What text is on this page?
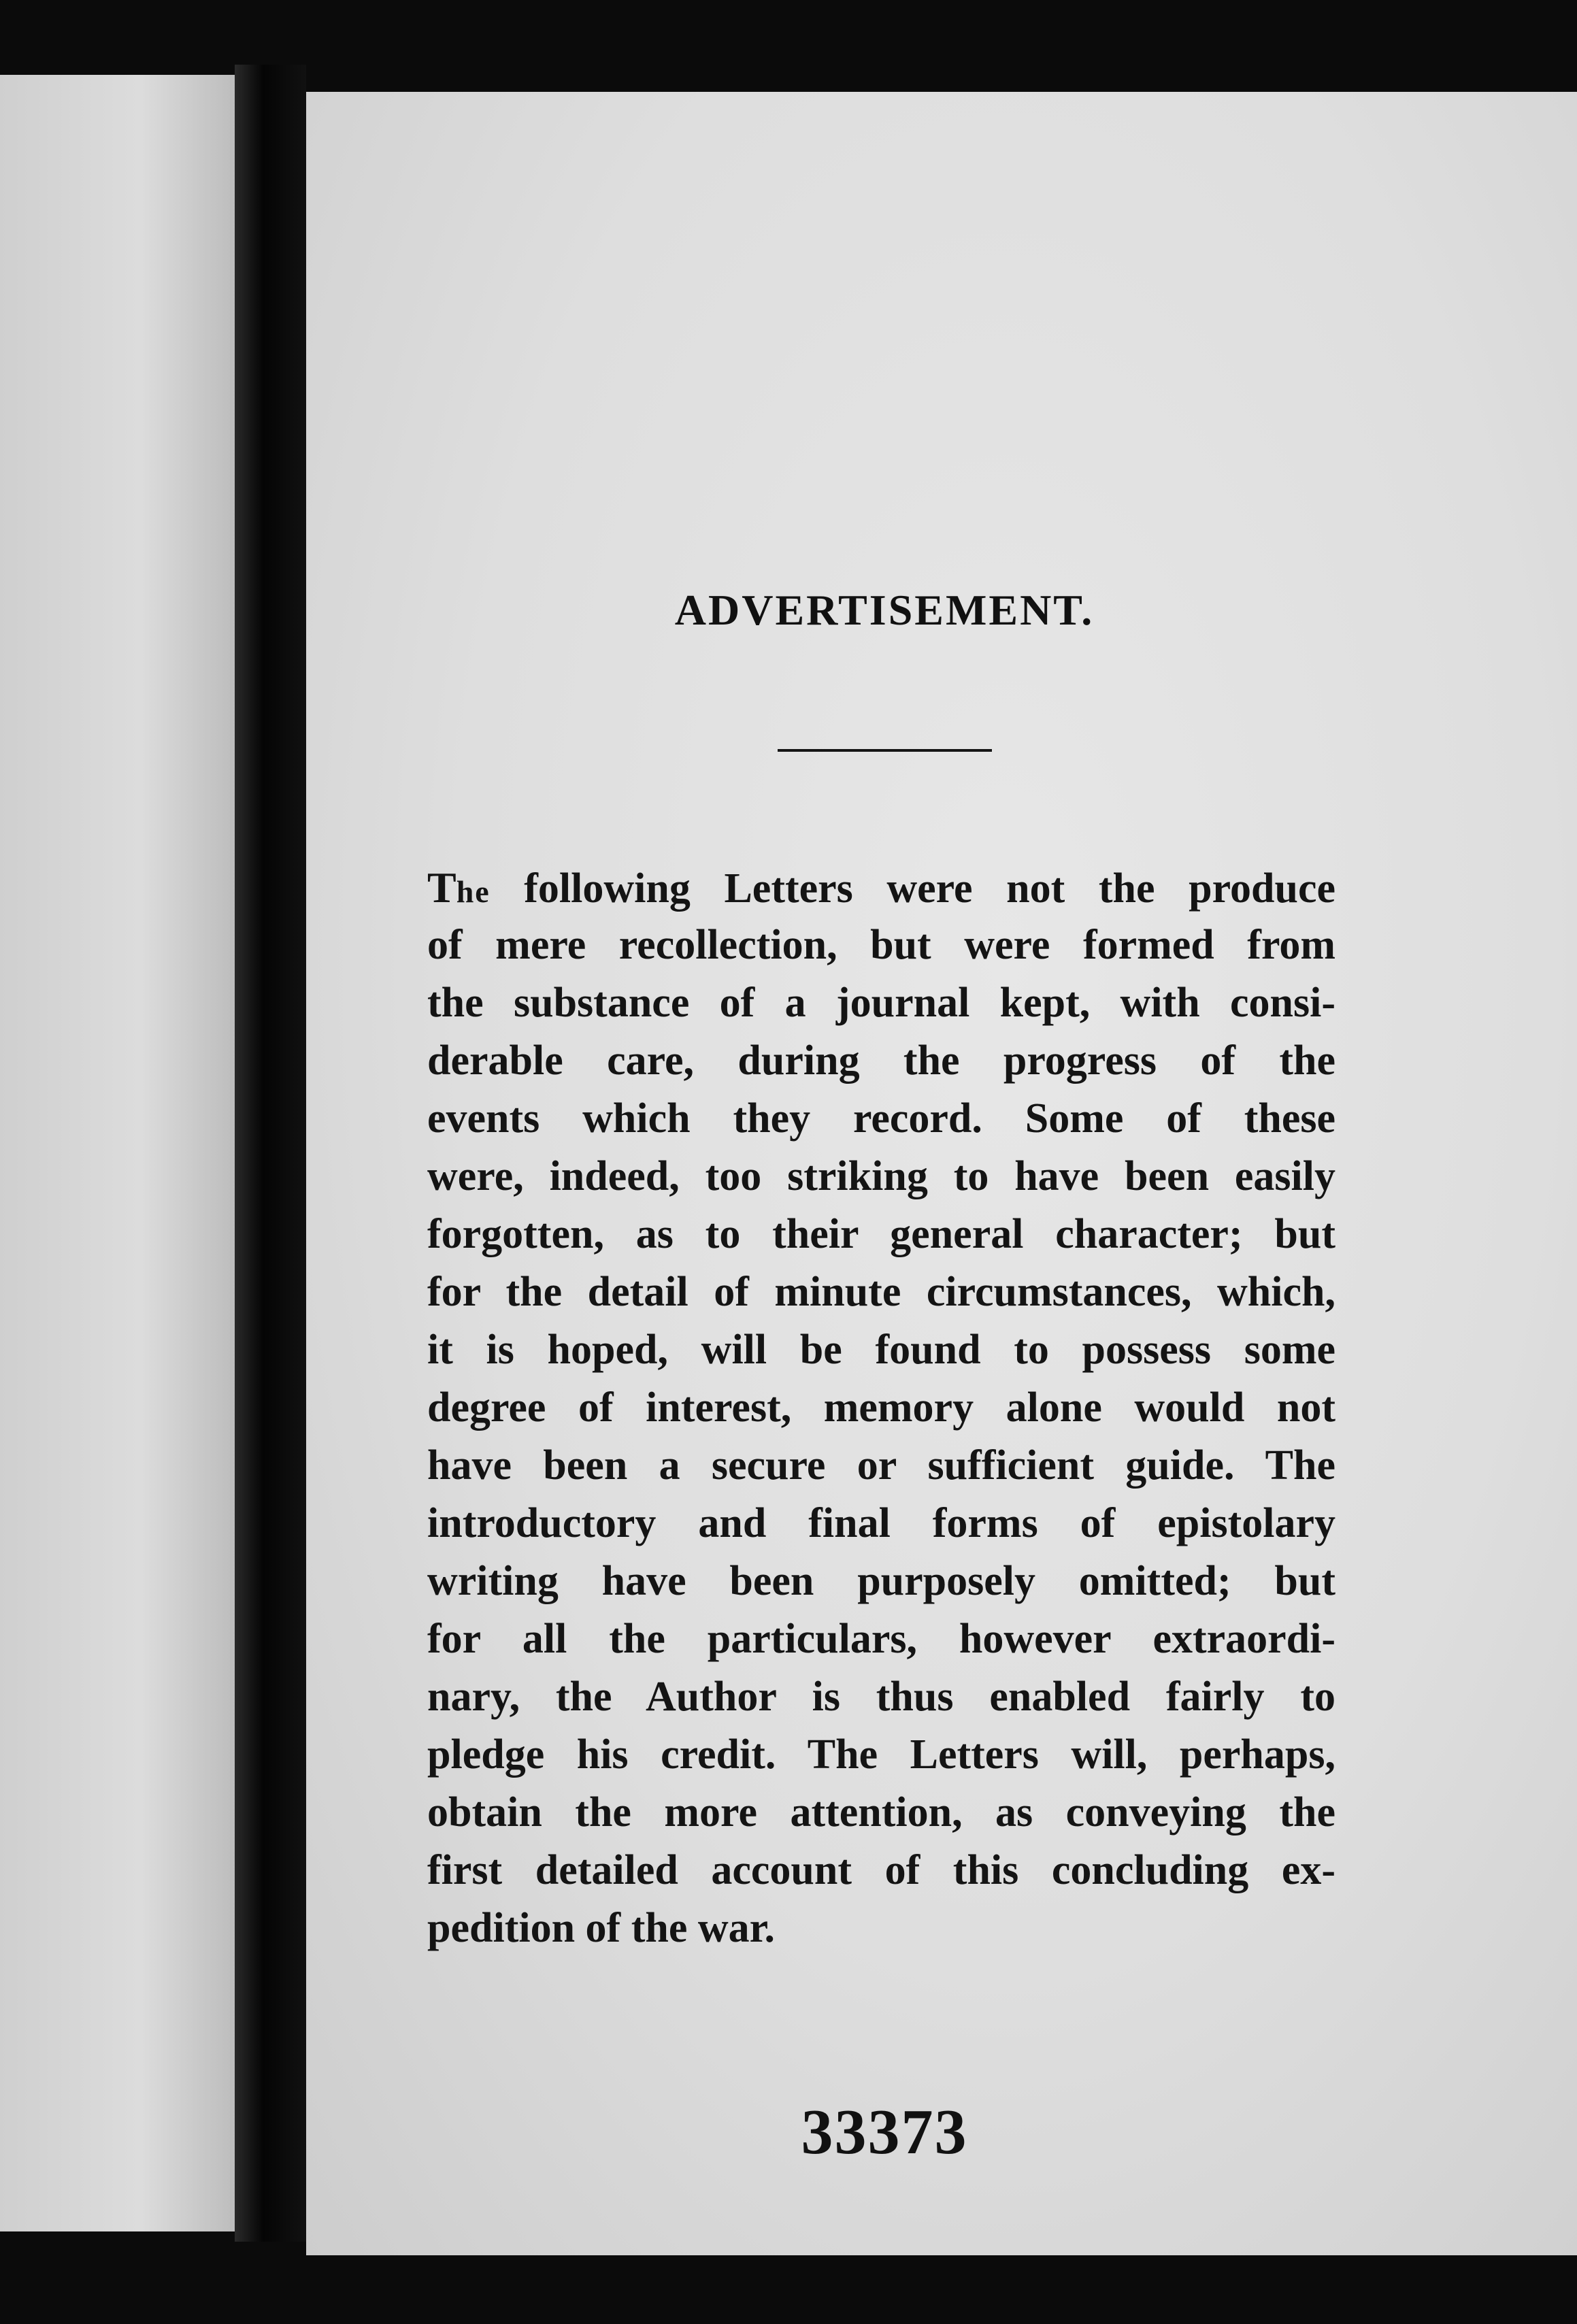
ADVERTISEMENT.
The following Letters were not the produce
of mere recollection, but were formed from
the substance of a journal kept, with consi-
derable care, during the progress of the
events which they record. Some of these
were, indeed, too striking to have been easily
forgotten, as to their general character; but
for the detail of minute circumstances, which,
it is hoped, will be found to possess some
degree of interest, memory alone would not
have been a secure or sufficient guide. The
introductory and final forms of epistolary
writing have been purposely omitted; but
for all the particulars, however extraordi-
nary, the Author is thus enabled fairly to
pledge his credit. The Letters will, perhaps,
obtain the more attention, as conveying the
first detailed account of this concluding ex-
pedition of the war.
33373
